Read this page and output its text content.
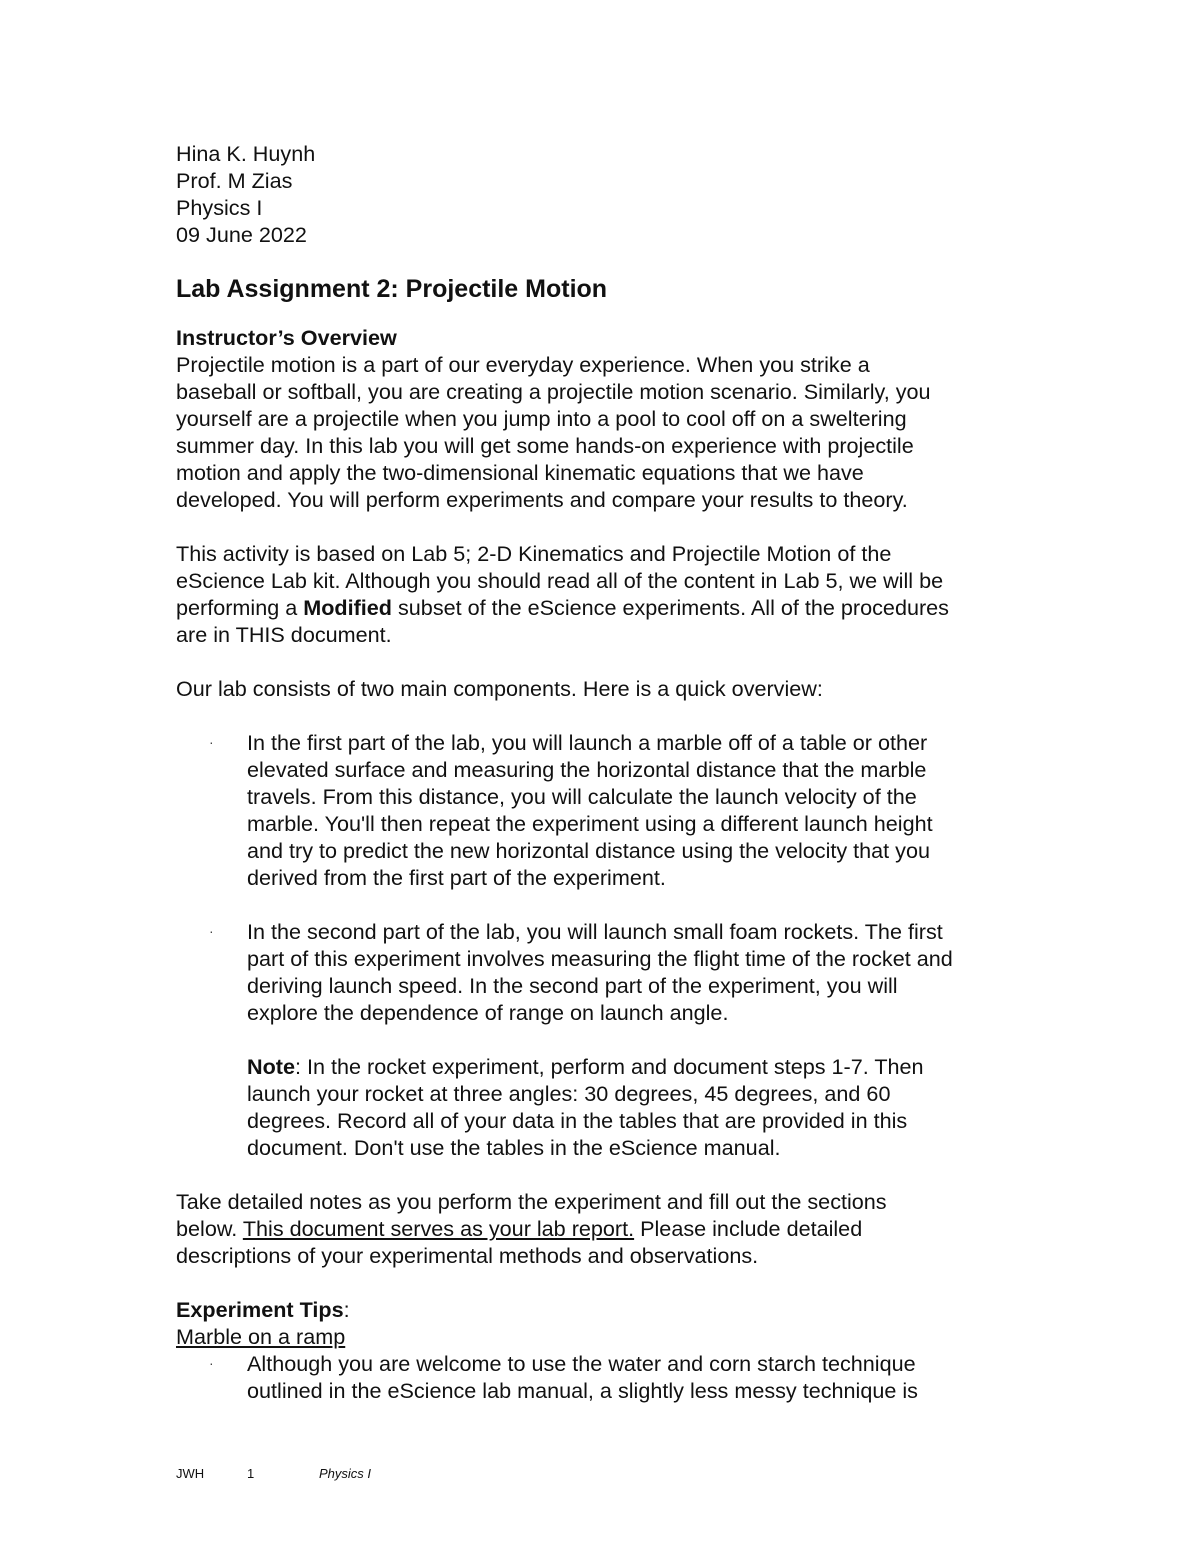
Hina K. Huynh
Prof. M Zias
Physics I
09 June 2022
Lab Assignment 2: Projectile Motion
Instructor’s Overview
Projectile motion is a part of our everyday experience. When you strike a
baseball or softball, you are creating a projectile motion scenario. Similarly, you
yourself are a projectile when you jump into a pool to cool off on a sweltering
summer day. In this lab you will get some hands-on experience with projectile
motion and apply the two-dimensional kinematic equations that we have
developed. You will perform experiments and compare your results to theory.
This activity is based on Lab 5; 2-D Kinematics and Projectile Motion of the
eScience Lab kit. Although you should read all of the content in Lab 5, we will be
performing a Modified subset of the eScience experiments. All of the procedures
are in THIS document.
Our lab consists of two main components. Here is a quick overview:
· In the first part of the lab, you will launch a marble off of a table or other
elevated surface and measuring the horizontal distance that the marble
travels. From this distance, you will calculate the launch velocity of the
marble. You'll then repeat the experiment using a different launch height
and try to predict the new horizontal distance using the velocity that you
derived from the first part of the experiment.
· In the second part of the lab, you will launch small foam rockets. The first
part of this experiment involves measuring the flight time of the rocket and
deriving launch speed. In the second part of the experiment, you will
explore the dependence of range on launch angle.
Note: In the rocket experiment, perform and document steps 1-7. Then
launch your rocket at three angles: 30 degrees, 45 degrees, and 60
degrees. Record all of your data in the tables that are provided in this
document. Don't use the tables in the eScience manual.
Take detailed notes as you perform the experiment and fill out the sections
below. This document serves as your lab report. Please include detailed
descriptions of your experimental methods and observations.
Experiment Tips:
Marble on a ramp
· Although you are welcome to use the water and corn starch technique
outlined in the eScience lab manual, a slightly less messy technique is
JWH	1	Physics I
